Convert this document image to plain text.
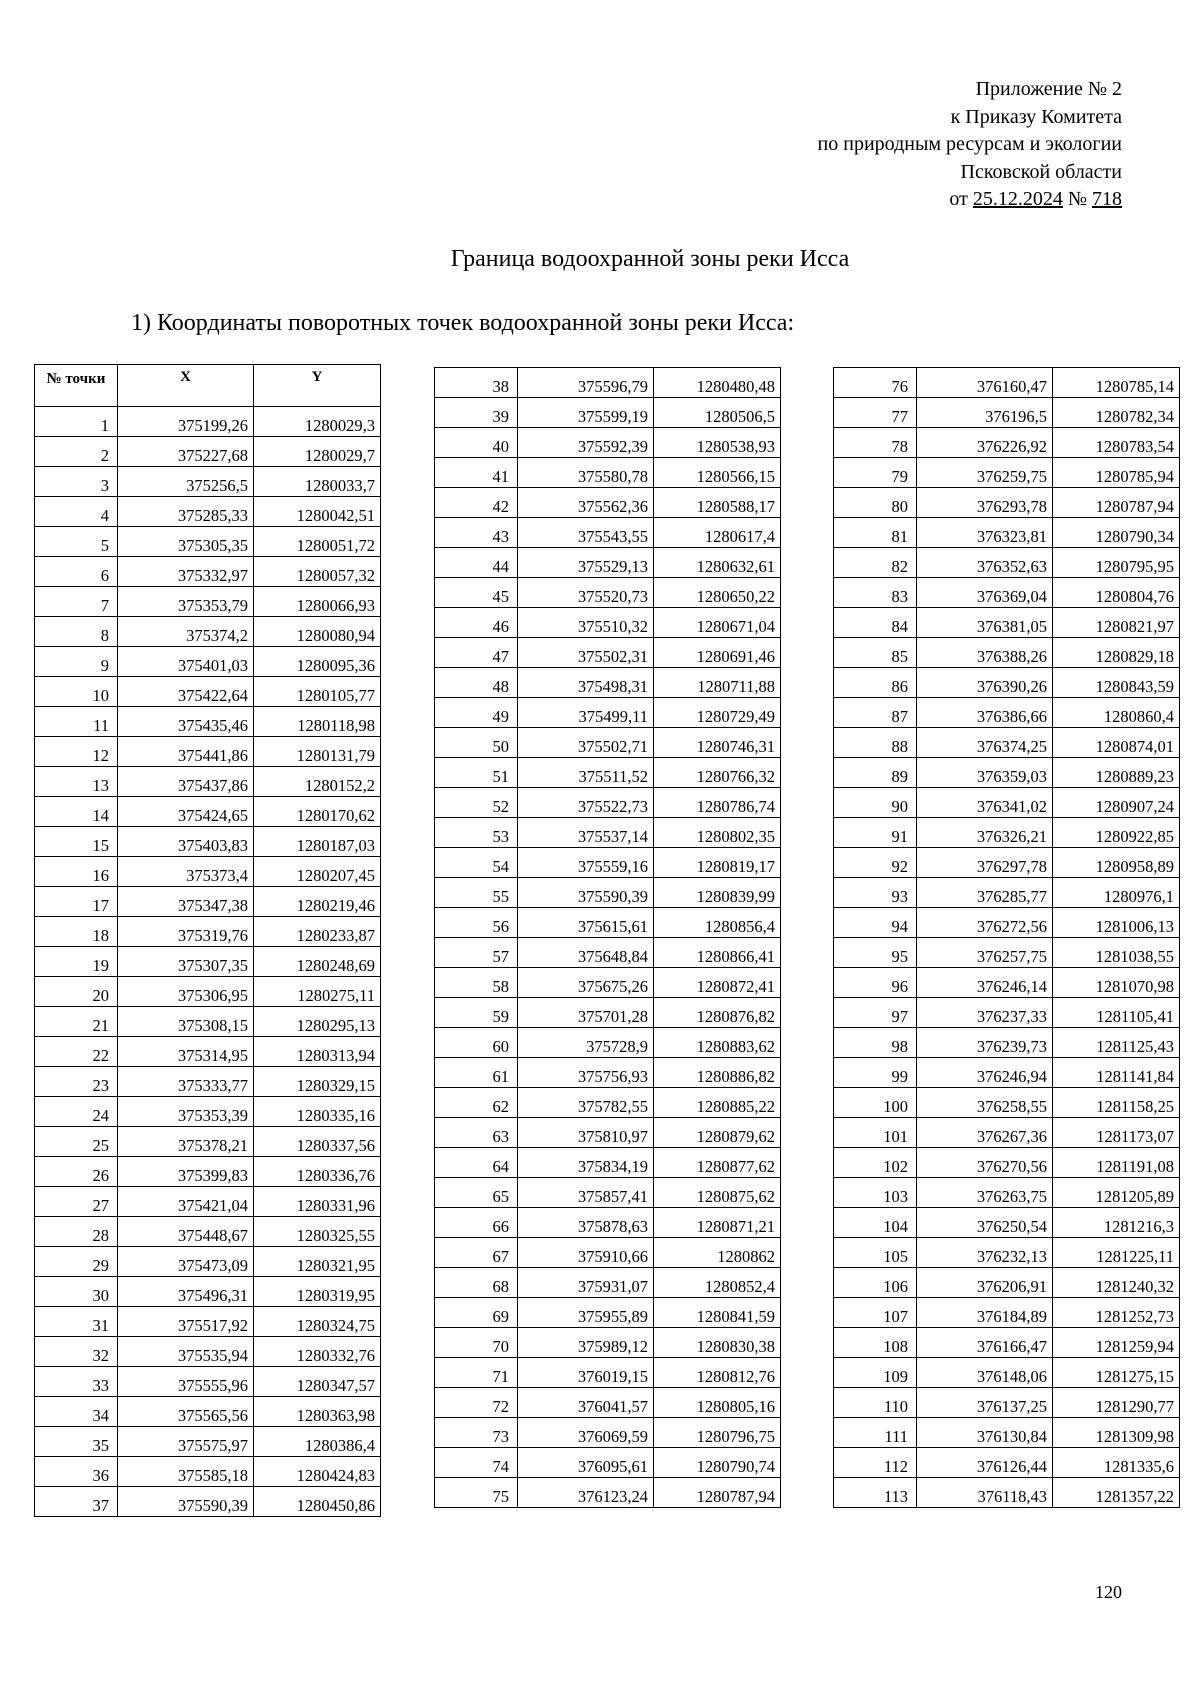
Приложение № 2
к Приказу Комитета
по природным ресурсам и экологии
Псковской области
от 25.12.2024 № 718
Граница водоохранной зоны реки Исса
1) Координаты поворотных точек водоохранной зоны реки Исса:
№ точки	X	Y
1	375199,26	1280029,3
2	375227,68	1280029,7
3	375256,5	1280033,7
4	375285,33	1280042,51
5	375305,35	1280051,72
6	375332,97	1280057,32
7	375353,79	1280066,93
8	375374,2	1280080,94
9	375401,03	1280095,36
10	375422,64	1280105,77
11	375435,46	1280118,98
12	375441,86	1280131,79
13	375437,86	1280152,2
14	375424,65	1280170,62
15	375403,83	1280187,03
16	375373,4	1280207,45
17	375347,38	1280219,46
18	375319,76	1280233,87
19	375307,35	1280248,69
20	375306,95	1280275,11
21	375308,15	1280295,13
22	375314,95	1280313,94
23	375333,77	1280329,15
24	375353,39	1280335,16
25	375378,21	1280337,56
26	375399,83	1280336,76
27	375421,04	1280331,96
28	375448,67	1280325,55
29	375473,09	1280321,95
30	375496,31	1280319,95
31	375517,92	1280324,75
32	375535,94	1280332,76
33	375555,96	1280347,57
34	375565,56	1280363,98
35	375575,97	1280386,4
36	375585,18	1280424,83
37	375590,39	1280450,86
38	375596,79	1280480,48
39	375599,19	1280506,5
40	375592,39	1280538,93
41	375580,78	1280566,15
42	375562,36	1280588,17
43	375543,55	1280617,4
44	375529,13	1280632,61
45	375520,73	1280650,22
46	375510,32	1280671,04
47	375502,31	1280691,46
48	375498,31	1280711,88
49	375499,11	1280729,49
50	375502,71	1280746,31
51	375511,52	1280766,32
52	375522,73	1280786,74
53	375537,14	1280802,35
54	375559,16	1280819,17
55	375590,39	1280839,99
56	375615,61	1280856,4
57	375648,84	1280866,41
58	375675,26	1280872,41
59	375701,28	1280876,82
60	375728,9	1280883,62
61	375756,93	1280886,82
62	375782,55	1280885,22
63	375810,97	1280879,62
64	375834,19	1280877,62
65	375857,41	1280875,62
66	375878,63	1280871,21
67	375910,66	1280862
68	375931,07	1280852,4
69	375955,89	1280841,59
70	375989,12	1280830,38
71	376019,15	1280812,76
72	376041,57	1280805,16
73	376069,59	1280796,75
74	376095,61	1280790,74
75	376123,24	1280787,94
76	376160,47	1280785,14
77	376196,5	1280782,34
78	376226,92	1280783,54
79	376259,75	1280785,94
80	376293,78	1280787,94
81	376323,81	1280790,34
82	376352,63	1280795,95
83	376369,04	1280804,76
84	376381,05	1280821,97
85	376388,26	1280829,18
86	376390,26	1280843,59
87	376386,66	1280860,4
88	376374,25	1280874,01
89	376359,03	1280889,23
90	376341,02	1280907,24
91	376326,21	1280922,85
92	376297,78	1280958,89
93	376285,77	1280976,1
94	376272,56	1281006,13
95	376257,75	1281038,55
96	376246,14	1281070,98
97	376237,33	1281105,41
98	376239,73	1281125,43
99	376246,94	1281141,84
100	376258,55	1281158,25
101	376267,36	1281173,07
102	376270,56	1281191,08
103	376263,75	1281205,89
104	376250,54	1281216,3
105	376232,13	1281225,11
106	376206,91	1281240,32
107	376184,89	1281252,73
108	376166,47	1281259,94
109	376148,06	1281275,15
110	376137,25	1281290,77
111	376130,84	1281309,98
112	376126,44	1281335,6
113	376118,43	1281357,22
120
